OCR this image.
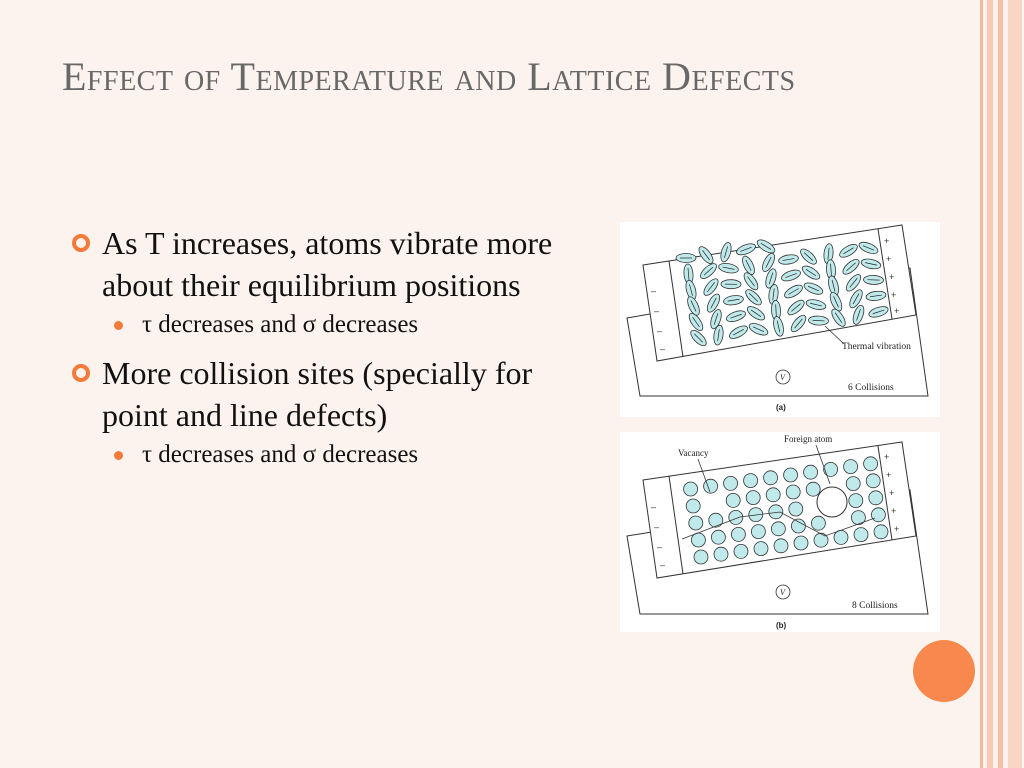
Effect of Temperature and Lattice Defects
As T increases, atoms vibrate more about their equilibrium positions
τ decreases and σ decreases
More collision sites (specially for point and line defects)
τ decreases and σ decreases
–
–
–
–
+
+
+
+
+
Thermal vibration
V
6 Collisions
(a)
–
–
–
–
+
+
+
+
+
Vacancy
Foreign atom
V
8 Collisions
(b)
